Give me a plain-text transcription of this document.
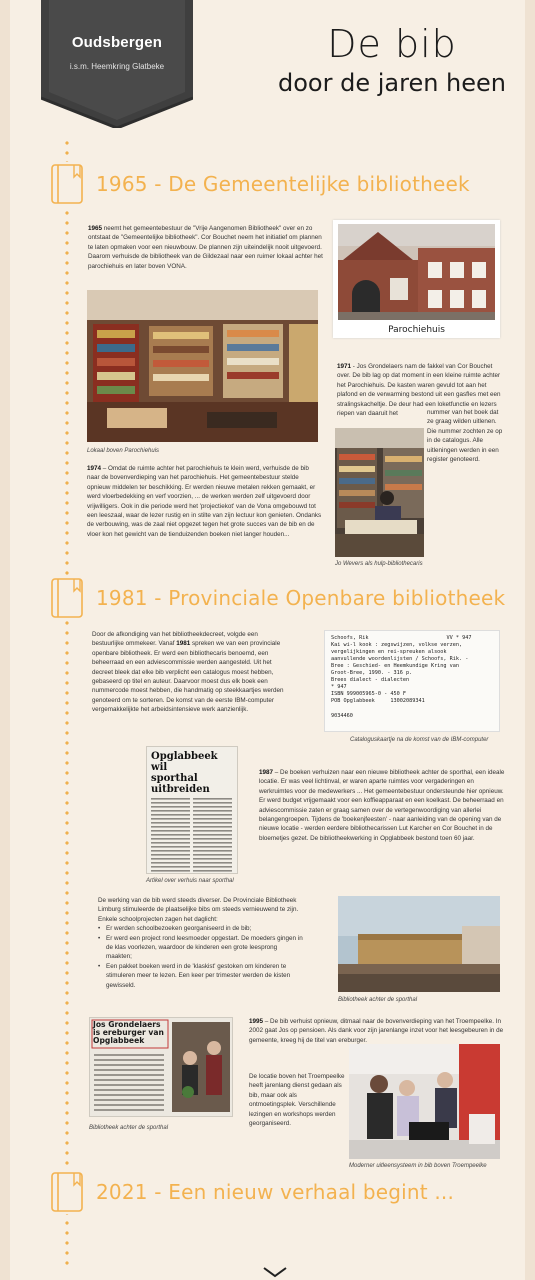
Oudsbergen
i.s.m. Heemkring Glatbeke
De bib
door de jaren heen
1965 - De Gemeentelijke bibliotheek
1965 neemt het gemeentebestuur de "Vrije Aangenomen Bibliotheek" over en zo ontstaat de "Gemeentelijke bibliotheek". Cor Bouchet neem het initiatief om plannen te laten opmaken voor een nieuwbouw. De plannen zijn uiteindelijk nooit uitgevoerd. Daarom verhuisde de bibliotheek van de Gildezaal naar een ruimer lokaal achter het parochiehuis en later boven VONA.
Parochiehuis
Lokaal boven Parochiehuis
1974 – Omdat de ruimte achter het parochiehuis te klein werd, verhuisde de bib naar de bovenverdieping van het parochiehuis. Het gemeentebestuur stelde opnieuw middelen ter beschikking. Er werden nieuwe metalen rekken gemaakt, er werd vloerbedekking en verf voorzien, ... de werken werden zelf uitgevoerd door vrijwilligers. Ook in die periode werd het 'projectiekot' van de Vona omgebouwd tot een leeszaal, waar de lezer rustig en in stilte van zijn lectuur kon genieten. Ondanks de verbouwing, was de zaal niet opgezet tegen het grote succes van de bib en de vloer kon het gewicht van de tienduizenden boeken niet langer houden...
1971 - Jos Grondelaers nam de fakkel van Cor Bouchet over. De bib lag op dat moment in een kleine ruimte achter het Parochiehuis. De kasten waren gevuld tot aan het plafond en de verwarming bestond uit een gasfles met een stralingskacheltje. De deur had een loketfunctie en lezers riepen van daaruit het	nummer van het boek dat ze graag wilden uitlenen. Die nummer zochten ze op in de catalogus. Alle uitleningen werden in een register genoteerd.
Jo Wevers als hulp-bibliothecaris
1981 - Provinciale Openbare bibliotheek
Door de afkondiging van het bibliotheekdecreet, volgde een bestuurlijke ommekeer. Vanaf 1981 spreken we van een provinciale openbare bibliotheek. Er werd een bibliothecaris benoemd, een beheerraad en een adviescommissie werden aangesteld. Uit het decreet bleek dat elke bib verplicht een catalogus moest hebben, gebaseerd op titel en auteur. Daarvoor moest dus elk boek een nummercode moest hebben, die handmatig op steekkaartjes werden genoteerd om te sorteren. De komst van de eerste IBM-computer vergemakkelijkte het arbeidsintensieve werk aanzienlijk.
Schoofs, Rik                         VV * 947
Kai wi-l kook : zegswijzen, volkse verzen,
vergelijkingen en rei-spreuken alsook
aanvullende woordenlijsten / Schoofs, Rik. -
Bree : Geschied- en Heemkundige Kring van
Groot-Bree, 1990. - 316 p.
Brees dialect - dialecten
* 947
ISBN 999005965-0 - 450 F
POB Opglabbeek     13002089341
9034460
Cataloguskaartje na de komst van de IBM-computer
Opglabbeek wil
sporthal uitbreiden
Artikel over verhuis naar sporthal
1987 – De boeken verhuizen naar een nieuwe bibliotheek achter de sporthal, een ideale locatie. Er was veel lichtinval, er waren aparte ruimtes voor vergaderingen en werkruimtes voor de medewerkers ... Het gemeentebestuur ondersteunde hier opnieuw. Er werd budget vrijgemaakt voor een koffieapparaat en een koelkast. De beheerraad en adviescommissie zaten er graag samen over de vertegenwoordiging van allerlei belangengroepen. Tijdens de 'boekenjfeesten' - naar aanleiding van de opening van de nieuwe locatie - werden eerdere bibliothecarissen Lut Karcher en Cor Bouchet in de bloemetjes gezet. De bibliotheekwerking in Opglabbeek bestond toen 60 jaar.
De werking van de bib werd steeds diverser. De Provinciale Bibliotheek Limburg stimuleerde de plaatselijke bibs om steeds vernieuwend te zijn. Enkele schoolprojecten zagen het daglicht:
• Er werden schoolbezoeken georganiseerd in de bib;
• Er werd een project rond leesmoeder opgestart. De moeders gingen in de klas voorlezen, waardoor de kinderen een grote leesprong maakten;
• Een pakket boeken werd in de 'klaskist' gestoken om kinderen te stimuleren meer te lezen. Een keer per trimester werden de kisten gewisseld.
Bibliotheek achter de sporthal
Jos Grondelaers
is ereburger van
Opglabbeek
Bibliotheek achter de sporthal
1995 – De bib verhuist opnieuw, ditmaal naar de bovenverdieping van het Troempeelke. In 2002 gaat Jos op pensioen. Als dank voor zijn jarenlange inzet voor het leesgebeuren in de gemeente, kreeg hij de titel van ereburger.
De locatie boven het Troempeelke heeft jarenlang dienst gedaan als bib, maar ook als ontmoetingsplek. Verschillende lezingen en workshops werden georganiseerd.
Moderner uitleensysteem in bib boven Troempeelke
2021 - Een nieuw verhaal begint ...
